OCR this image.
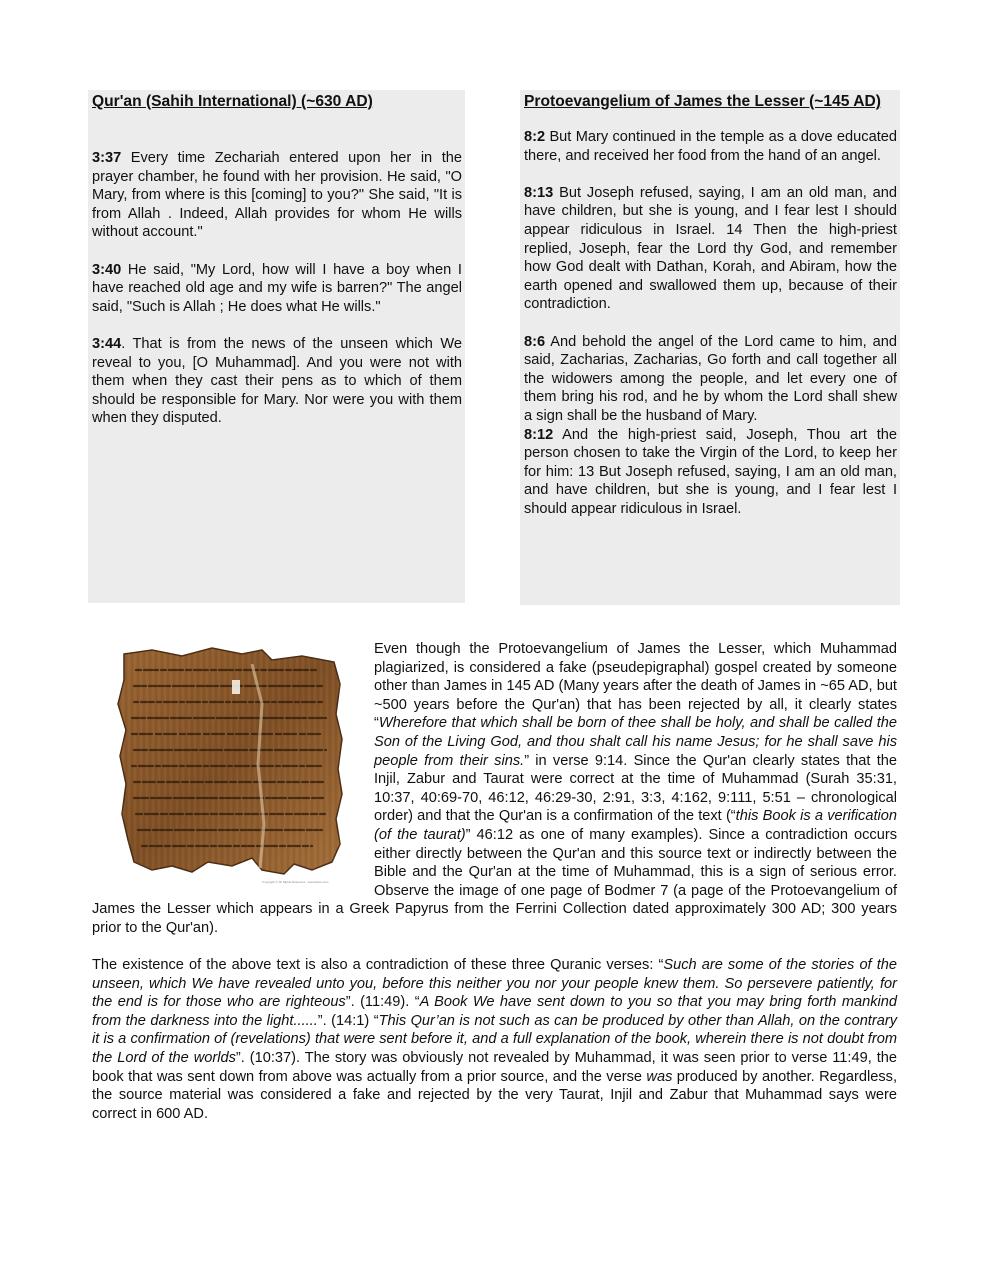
Qur'an (Sahih International) (~630 AD)

3:37 Every time Zechariah entered upon her in the prayer chamber, he found with her provision. He said, "O Mary, from where is this [coming] to you?" She said, "It is from Allah . Indeed, Allah provides for whom He wills without account."

3:40 He said, "My Lord, how will I have a boy when I have reached old age and my wife is barren?" The angel said, "Such is Allah ; He does what He wills."

3:44. That is from the news of the unseen which We reveal to you, [O Muhammad]. And you were not with them when they cast their pens as to which of them should be responsible for Mary. Nor were you with them when they disputed.

Protoevangelium of James the Lesser (~145 AD)

8:2 But Mary continued in the temple as a dove educated there, and received her food from the hand of an angel.

8:13 But Joseph refused, saying, I am an old man, and have children, but she is young, and I fear lest I should appear ridiculous in Israel. 14 Then the high-priest replied, Joseph, fear the Lord thy God, and remember how God dealt with Dathan, Korah, and Abiram, how the earth opened and swallowed them up, because of their contradiction.

8:6 And behold the angel of the Lord came to him, and said, Zacharias, Zacharias, Go forth and call together all the widowers among the people, and let every one of them bring his rod, and he by whom the Lord shall shew a sign shall be the husband of Mary.

8:12 And the high-priest said, Joseph, Thou art the person chosen to take the Virgin of the Lord, to keep her for him: 13 But Joseph refused, saying, I am an old man, and have children, but she is young, and I fear lest I should appear ridiculous in Israel.

Copyright © All Rights Reserved - JesusAlive.com

Even though the Protoevangelium of James the Lesser, which Muhammad plagiarized, is considered a fake (pseudepigraphal) gospel created by someone other than James in 145 AD (Many years after the death of James in ~65 AD, but ~500 years before the Qur'an) that has been rejected by all, it clearly states “Wherefore that which shall be born of thee shall be holy, and shall be called the Son of the Living God, and thou shalt call his name Jesus; for he shall save his people from their sins.” in verse 9:14. Since the Qur'an clearly states that the Injil, Zabur and Taurat were correct at the time of Muhammad (Surah 35:31, 10:37, 40:69-70, 46:12, 46:29-30, 2:91, 3:3, 4:162, 9:111, 5:51 – chronological order) and that the Qur'an is a confirmation of the text (“this Book is a verification (of the taurat)” 46:12 as one of many examples). Since a contradiction occurs either directly between the Qur'an and this source text or indirectly between the Bible and the Qur'an at the time of Muhammad, this is a sign of serious error. Observe the image of one page of Bodmer 7 (a page of the Protoevangelium of James the Lesser which appears in a Greek Papyrus from the Ferrini Collection dated approximately 300 AD; 300 years prior to the Qur'an).

The existence of the above text is also a contradiction of these three Quranic verses: “Such are some of the stories of the unseen, which We have revealed unto you, before this neither you nor your people knew them. So persevere patiently, for the end is for those who are righteous”. (11:49). “A Book We have sent down to you so that you may bring forth mankind from the darkness into the light......”. (14:1) “This Qur’an is not such as can be produced by other than Allah, on the contrary it is a confirmation of (revelations) that were sent before it, and a full explanation of the book, wherein there is not doubt from the Lord of the worlds”. (10:37). The story was obviously not revealed by Muhammad, it was seen prior to verse 11:49, the book that was sent down from above was actually from a prior source, and the verse was produced by another. Regardless, the source material was considered a fake and rejected by the very Taurat, Injil and Zabur that Muhammad says were correct in 600 AD.
